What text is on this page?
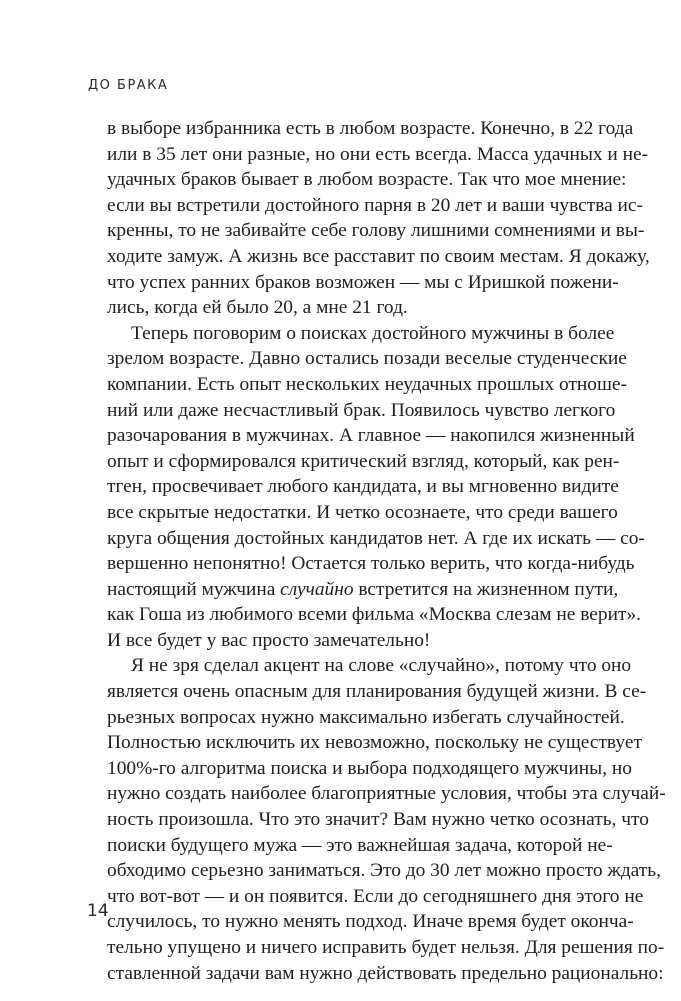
ДО БРАКА
в выборе избранника есть в любом возрасте. Конечно, в 22 года
или в 35 лет они разные, но они есть всегда. Масса удачных и не-
удачных браков бывает в любом возрасте. Так что мое мнение:
если вы встретили достойного парня в 20 лет и ваши чувства ис-
кренны, то не забивайте себе голову лишними сомнениями и вы-
ходите замуж. А жизнь все расставит по своим местам. Я докажу,
что успех ранних браков возможен — мы с Иришкой пожени-
лись, когда ей было 20, а мне 21 год.
Теперь поговорим о поисках достойного мужчины в более
зрелом возрасте. Давно остались позади веселые студенческие
компании. Есть опыт нескольких неудачных прошлых отноше-
ний или даже несчастливый брак. Появилось чувство легкого
разочарования в мужчинах. А главное — накопился жизненный
опыт и сформировался критический взгляд, который, как рен-
тген, просвечивает любого кандидата, и вы мгновенно видите
все скрытые недостатки. И четко осознаете, что среди вашего
круга общения достойных кандидатов нет. А где их искать — со-
вершенно непонятно! Остается только верить, что когда-нибудь
настоящий мужчина случайно встретится на жизненном пути,
как Гоша из любимого всеми фильма «Москва слезам не верит».
И все будет у вас просто замечательно!
Я не зря сделал акцент на слове «случайно», потому что оно
является очень опасным для планирования будущей жизни. В се-
рьезных вопросах нужно максимально избегать случайностей.
Полностью исключить их невозможно, поскольку не существует
100%-го алгоритма поиска и выбора подходящего мужчины, но
нужно создать наиболее благоприятные условия, чтобы эта случай-
ность произошла. Что это значит? Вам нужно четко осознать, что
поиски будущего мужа — это важнейшая задача, которой не-
обходимо серьезно заниматься. Это до 30 лет можно просто ждать,
что вот-вот — и он появится. Если до сегодняшнего дня этого не
случилось, то нужно менять подход. Иначе время будет оконча-
тельно упущено и ничего исправить будет нельзя. Для решения по-
ставленной задачи вам нужно действовать предельно рационально:
14
